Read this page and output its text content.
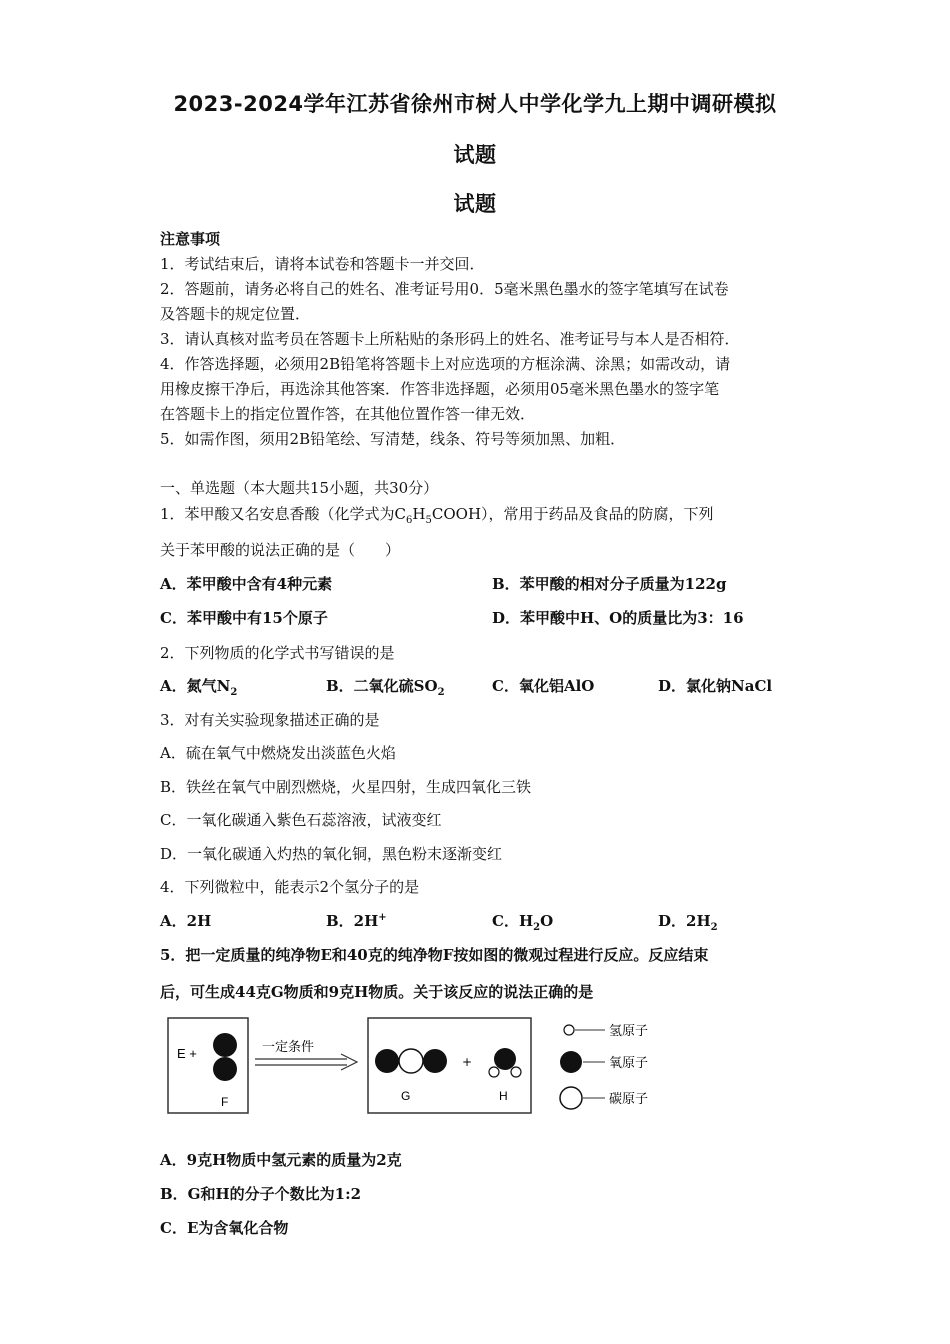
2023-2024学年江苏省徐州市树人中学化学九上期中调研模拟
试题
试题
注意事项
1．考试结束后，请将本试卷和答题卡一并交回．
2．答题前，请务必将自己的姓名、准考证号用0．5毫米黑色墨水的签字笔填写在试卷
及答题卡的规定位置．
3．请认真核对监考员在答题卡上所粘贴的条形码上的姓名、准考证号与本人是否相符．
4．作答选择题，必须用2B铅笔将答题卡上对应选项的方框涂满、涂黑；如需改动，请
用橡皮擦干净后，再选涂其他答案．作答非选择题，必须用05毫米黑色墨水的签字笔
在答题卡上的指定位置作答，在其他位置作答一律无效．
5．如需作图，须用2B铅笔绘、写清楚，线条、符号等须加黑、加粗．
一、单选题（本大题共15小题，共30分）
1．苯甲酸又名安息香酸（化学式为$C_6H_5COOH$），常用于药品及食品的防腐，下列
关于苯甲酸的说法正确的是（　　）
A．苯甲酸中含有4种元素	B．苯甲酸的相对分子质量为122g
C．苯甲酸中有15个原子	D．苯甲酸中H、O的质量比为3：16
2．下列物质的化学式书写错误的是
A．氮气$N_2$	B．二氧化硫$SO_2$	C．氧化铝AlO	D．氯化钠NaCl
3．对有关实验现象描述正确的是
A．硫在氧气中燃烧发出淡蓝色火焰
B．铁丝在氧气中剧烈燃烧，火星四射，生成四氧化三铁
C．一氧化碳通入紫色石蕊溶液，试液变红
D．一氧化碳通入灼热的氧化铜，黑色粉末逐渐变红
4．下列微粒中，能表示2个氢分子的是
A．2H	B．2H+	C．$H_2O$	D．$2H_2$
5．把一定质量的纯净物E和40克的纯净物F按如图的微观过程进行反应。反应结束
后，可生成44克G物质和9克H物质。关于该反应的说法正确的是
E +
F
一定条件
G
+
H
氢原子
氧原子
碳原子
A．9克H物质中氢元素的质量为2克
B．G和H的分子个数比为1:2
C．E为含氧化合物
